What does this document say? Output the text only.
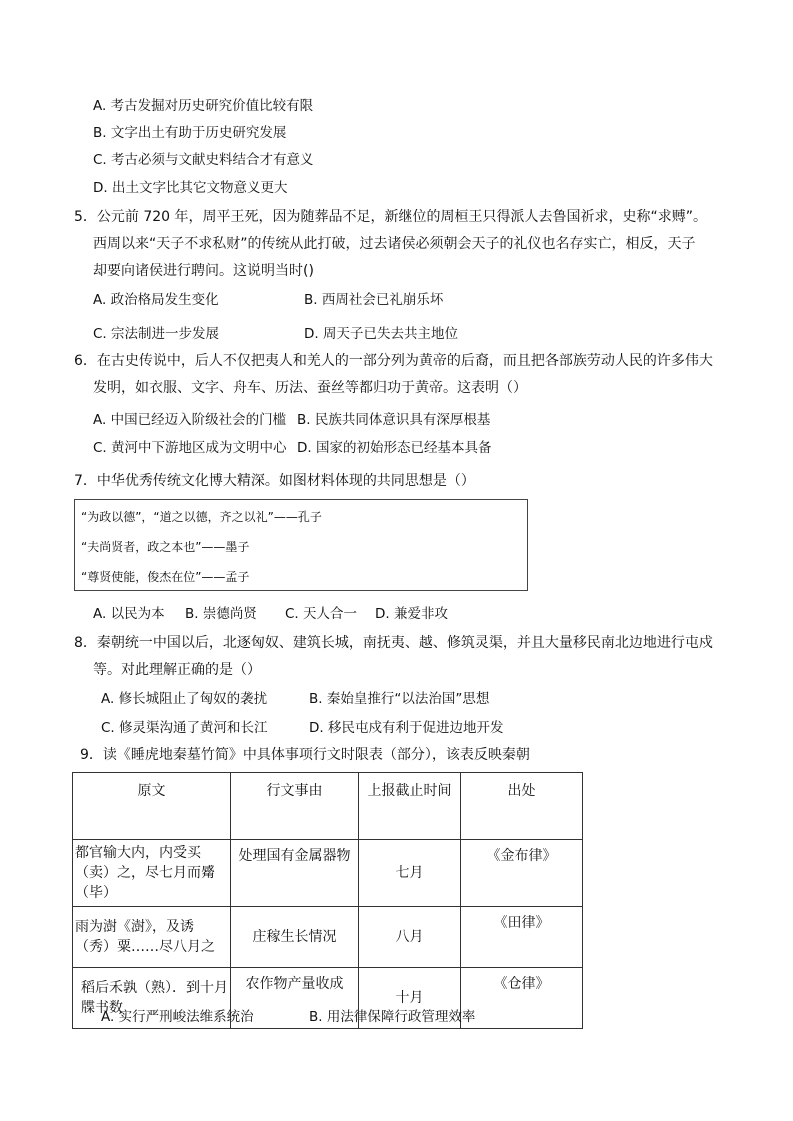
A. 考古发掘对历史研究价值比较有限
B. 文字出土有助于历史研究发展
C. 考古必须与文献史料结合才有意义
D. 出土文字比其它文物意义更大
5．公元前 720 年，周平王死，因为随葬品不足，新继位的周桓王只得派人去鲁国祈求，史称“求赙”。
西周以来“天子不求私财”的传统从此打破，过去诸侯必须朝会天子的礼仪也名存实亡，相反，天子
却要向诸侯进行聘问。这说明当时()
A. 政治格局发生变化	B. 西周社会已礼崩乐坏
C. 宗法制进一步发展	D. 周天子已失去共主地位
6．在古史传说中，后人不仅把夷人和羌人的一部分列为黄帝的后裔，而且把各部族劳动人民的许多伟大
发明，如衣服、文字、舟车、历法、蚕丝等都归功于黄帝。这表明（）
A. 中国已经迈入阶级社会的门槛 B. 民族共同体意识具有深厚根基
C. 黄河中下游地区成为文明中心 D. 国家的初始形态已经基本具备
7．中华优秀传统文化博大精深。如图材料体现的共同思想是（）
“为政以德”，“道之以德，齐之以礼”——孔子
“夫尚贤者，政之本也”——墨子
“尊贤使能，俊杰在位”——孟子
A. 以民为本 B. 崇德尚贤 C. 天人合一 D. 兼爱非攻
8．秦朝统一中国以后，北逐匈奴、建筑长城，南抚夷、越、修筑灵渠，并且大量移民南北边地进行屯戍
等。对此理解正确的是（）
A. 修长城阻止了匈奴的袭扰	B. 秦始皇推行“以法治国”思想
C. 修灵渠沟通了黄河和长江	D. 移民屯戍有利于促进边地开发
9．读《睡虎地秦墓竹简》中具体事项行文时限表（部分），该表反映秦朝
原文	行文事由	上报截止时间	出处
都官输大内，内受买（卖）之，尽七月而觱（毕）	处理国有金属器物	七月	《金布律》
雨为澍《澍》，及诱（秀）粟……尽八月之	庄稼生长情况	八月	《田律》
稻后禾孰（熟）．到十月牒书数	农作物产量收成	十月	《仓律》
A. 实行严刑峻法维系统治	B. 用法律保障行政管理效率
